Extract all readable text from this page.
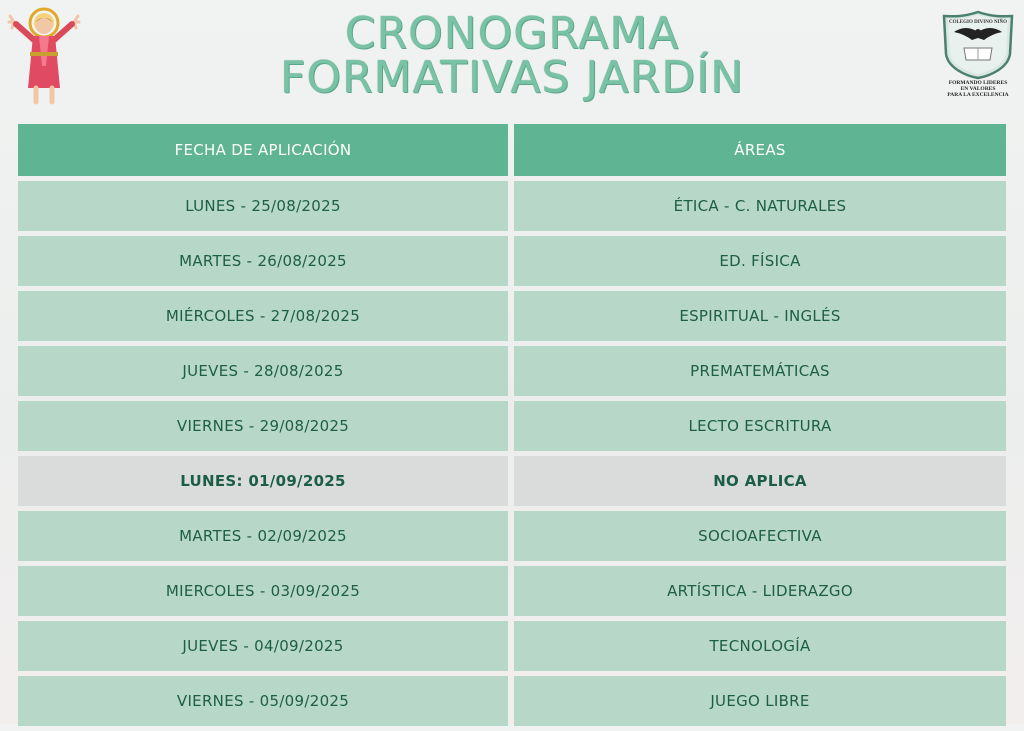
COLEGIO DIVINO NIÑO
FORMANDO LIDERES
EN VALORES
PARA LA EXCELENCIA
CRONOGRAMA
FORMATIVAS JARDÍN
FECHA DE APLICACIÓN	ÁREAS
LUNES - 25/08/2025	ÉTICA - C. NATURALES
MARTES - 26/08/2025	ED. FÍSICA
MIÉRCOLES - 27/08/2025	ESPIRITUAL - INGLÉS
JUEVES - 28/08/2025	PREMATEMÁTICAS
VIERNES - 29/08/2025	LECTO ESCRITURA
LUNES: 01/09/2025	NO APLICA
MARTES - 02/09/2025	SOCIOAFECTIVA
MIERCOLES - 03/09/2025	ARTÍSTICA - LIDERAZGO
JUEVES - 04/09/2025	TECNOLOGÍA
VIERNES - 05/09/2025	JUEGO LIBRE
